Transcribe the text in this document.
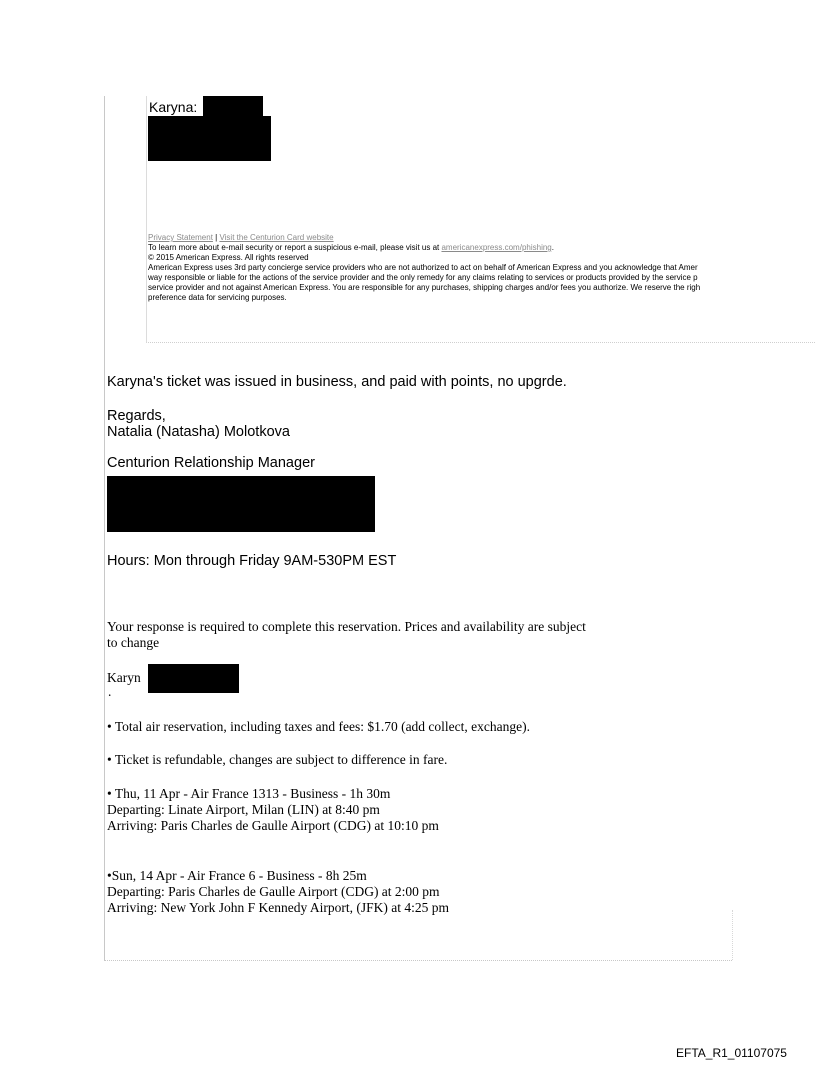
Karyna:
Privacy Statement | Visit the Centurion Card website
To learn more about e-mail security or report a suspicious e-mail, please visit us at americanexpress.com/phishing.
© 2015 American Express. All rights reserved
American Express uses 3rd party concierge service providers who are not authorized to act on behalf of American Express and you acknowledge that Amer
way responsible or liable for the actions of the service provider and the only remedy for any claims relating to services or products provided by the service p
service provider and not against American Express. You are responsible for any purchases, shipping charges and/or fees you authorize. We reserve the righ
preference data for servicing purposes.
Karyna's ticket was issued in business, and paid with points, no upgrde.
Regards,
Natalia (Natasha) Molotkova
Centurion Relationship Manager
Hours: Mon through Friday 9AM-530PM EST
Your response is required to complete this reservation. Prices and availability are subject
to change
Karyn
.
• Total air reservation, including taxes and fees: $1.70 (add collect, exchange).
• Ticket is refundable, changes are subject to difference in fare.
• Thu, 11 Apr - Air France 1313 - Business - 1h 30m
Departing: Linate Airport, Milan (LIN) at 8:40 pm
Arriving: Paris Charles de Gaulle Airport (CDG) at 10:10 pm
•Sun, 14 Apr - Air France 6 - Business - 8h 25m
Departing: Paris Charles de Gaulle Airport (CDG) at 2:00 pm
Arriving: New York John F Kennedy Airport, (JFK) at 4:25 pm
EFTA_R1_01107075
